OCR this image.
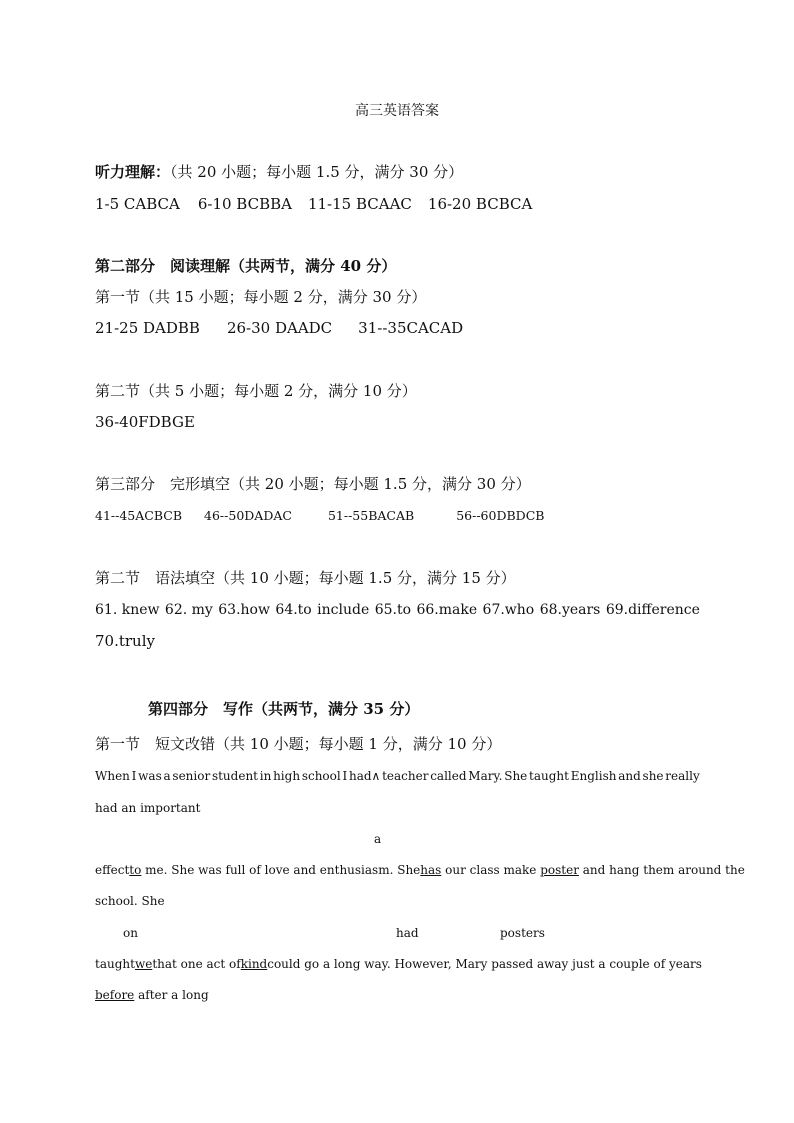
高三英语答案
听力理解：（共 20 小题；每小题 1.5 分，满分 30 分）
1-5 CABCA 6-10 BCBBA 11-15 BCAAC 16-20 BCBCA
第二部分　阅读理解（共两节，满分 40 分）
第一节（共 15 小题；每小题 2 分，满分 30 分）
21-25 DADBB 26-30 DAADC 31--35CACAD
第二节（共 5 小题；每小题 2 分，满分 10 分）
36-40FDBGE
第三部分　完形填空（共 20 小题；每小题 1.5 分，满分 30 分）
41--45ACBCB 46--50DADAC	51--55BACAB	56--60DBDCB
第二节　语法填空（共 10 小题；每小题 1.5 分，满分 15 分）
61. knew 62. my 63.how 64.to include 65.to 66.make 67.who 68.years 69.difference
70.truly
第四部分　写作（共两节，满分 35 分）
第一节　短文改错（共 10 小题；每小题 1 分，满分 10 分）
When I was a senior student in high school I had∧ teacher called Mary. She taught English and she really
had an important
a
effectto me. She was full of love and enthusiasm. Shehas our class make poster and hang them around the
school. She
on	had	posters
taught we that one act of kind could go a long way. However, Mary passed away just a couple of years
before after a long
